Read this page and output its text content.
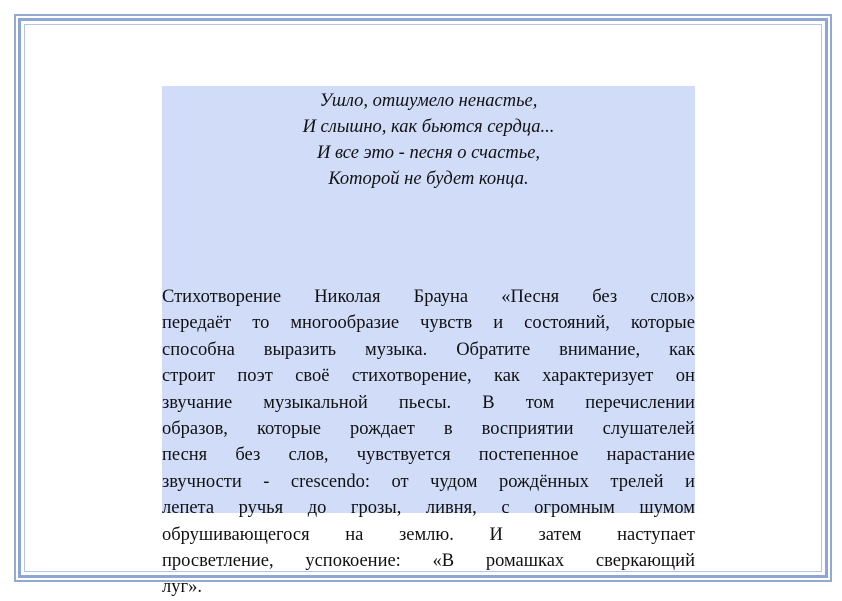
Ушло, отшумело ненастье,
И слышно, как бьются сердца...
И все это - песня о счастье,
Которой не будет конца.
Стихотворение Николая Брауна «Песня без слов»
передаёт то многообразие чувств и состояний, которые
способна выразить музыка. Обратите внимание, как
строит поэт своё стихотворение, как характеризует он
звучание музыкальной пьесы. В том перечислении
образов, которые рождает в восприятии слушателей
песня без слов, чувствуется постепенное нарастание
звучности - crescendo: от чудом рождённых трелей и
лепета ручья до грозы, ливня, с огромным шумом
обрушивающегося на землю. И затем наступает
просветление, успокоение: «В ромашках сверкающий
луг».
